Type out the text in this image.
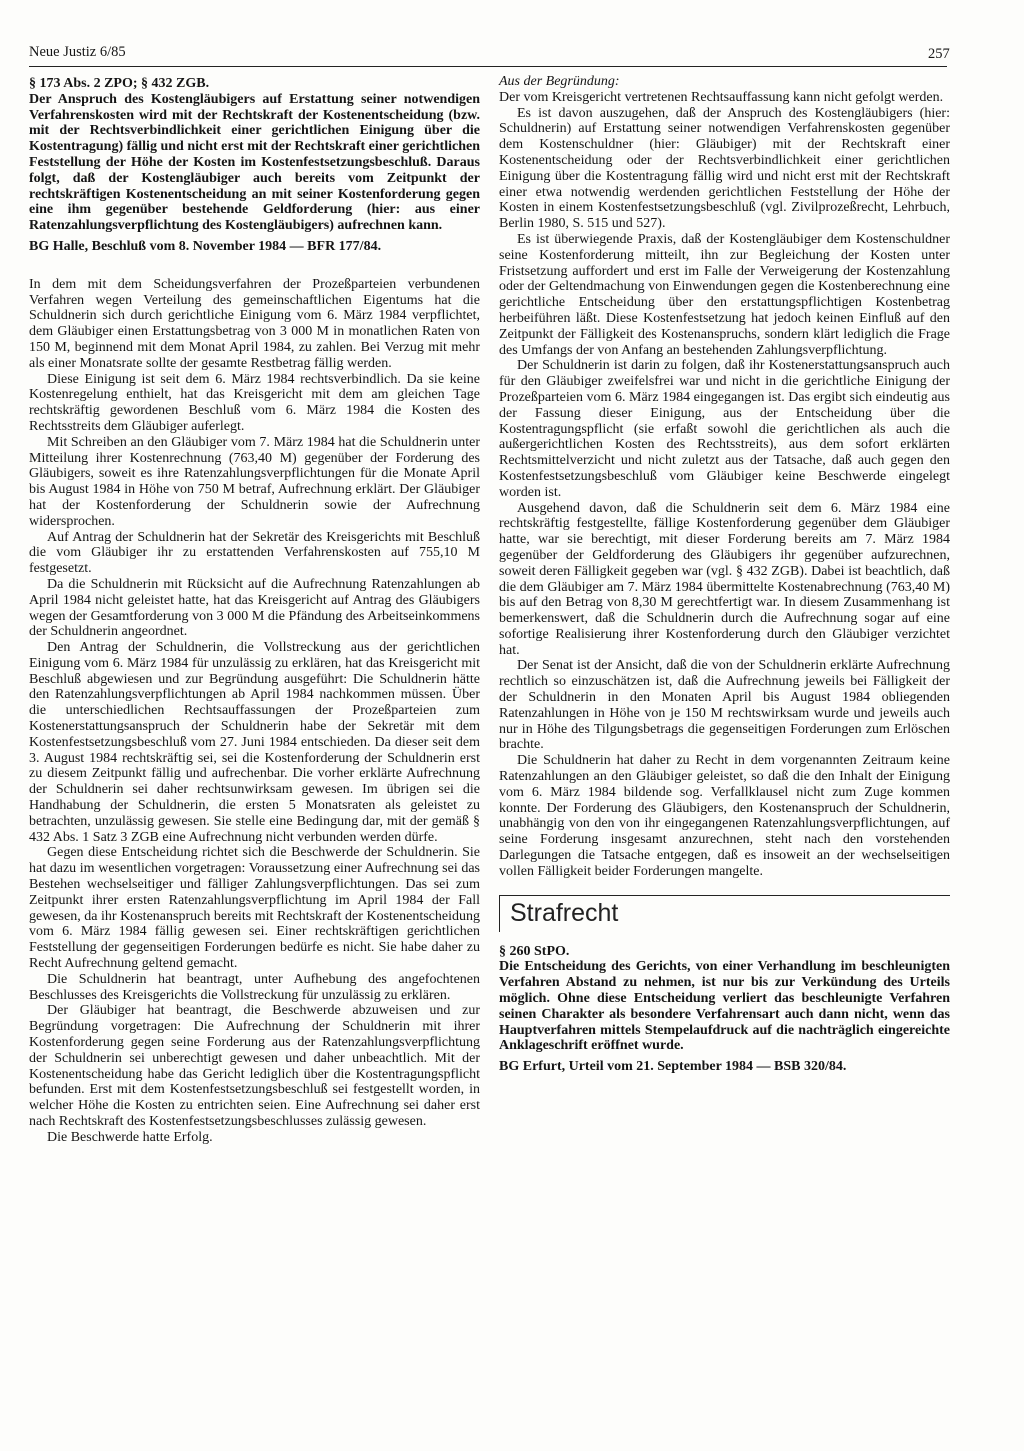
Neue Justiz 6/85	257

§ 173 Abs. 2 ZPO; § 432 ZGB.

Der Anspruch des Kostengläubigers auf Erstattung seiner notwendigen Verfahrenskosten wird mit der Rechtskraft der Kostenentscheidung (bzw. mit der Rechtsverbindlichkeit einer gerichtlichen Einigung über die Kostentragung) fällig und nicht erst mit der Rechtskraft einer gerichtlichen Feststellung der Höhe der Kosten im Kostenfestsetzungsbeschluß. Daraus folgt, daß der Kostengläubiger auch bereits vom Zeitpunkt der rechtskräftigen Kostenentscheidung an mit seiner Kostenforderung gegen eine ihm gegenüber bestehende Geldforderung (hier: aus einer Ratenzahlungsverpflichtung des Kostengläubigers) aufrechnen kann.

BG Halle, Beschluß vom 8. November 1984 — BFR 177/84.

In dem mit dem Scheidungsverfahren der Prozeßparteien verbundenen Verfahren wegen Verteilung des gemeinschaftlichen Eigentums hat die Schuldnerin sich durch gerichtliche Einigung vom 6. März 1984 verpflichtet, dem Gläubiger einen Erstattungsbetrag von 3 000 M in monatlichen Raten von 150 M, beginnend mit dem Monat April 1984, zu zahlen. Bei Verzug mit mehr als einer Monatsrate sollte der gesamte Restbetrag fällig werden.

Diese Einigung ist seit dem 6. März 1984 rechtsverbindlich. Da sie keine Kostenregelung enthielt, hat das Kreisgericht mit dem am gleichen Tage rechtskräftig gewordenen Beschluß vom 6. März 1984 die Kosten des Rechtsstreits dem Gläubiger auferlegt.

Mit Schreiben an den Gläubiger vom 7. März 1984 hat die Schuldnerin unter Mitteilung ihrer Kostenrechnung (763,40 M) gegenüber der Forderung des Gläubigers, soweit es ihre Ratenzahlungsverpflichtungen für die Monate April bis August 1984 in Höhe von 750 M betraf, Aufrechnung erklärt. Der Gläubiger hat der Kostenforderung der Schuldnerin sowie der Aufrechnung widersprochen.

Auf Antrag der Schuldnerin hat der Sekretär des Kreisgerichts mit Beschluß die vom Gläubiger ihr zu erstattenden Verfahrenskosten auf 755,10 M festgesetzt.

Da die Schuldnerin mit Rücksicht auf die Aufrechnung Ratenzahlungen ab April 1984 nicht geleistet hatte, hat das Kreisgericht auf Antrag des Gläubigers wegen der Gesamtforderung von 3 000 M die Pfändung des Arbeitseinkommens der Schuldnerin angeordnet.

Den Antrag der Schuldnerin, die Vollstreckung aus der gerichtlichen Einigung vom 6. März 1984 für unzulässig zu erklären, hat das Kreisgericht mit Beschluß abgewiesen und zur Begründung ausgeführt: Die Schuldnerin hätte den Ratenzahlungsverpflichtungen ab April 1984 nachkommen müssen. Über die unterschiedlichen Rechtsauffassungen der Prozeßparteien zum Kostenerstattungsanspruch der Schuldnerin habe der Sekretär mit dem Kostenfestsetzungsbeschluß vom 27. Juni 1984 entschieden. Da dieser seit dem 3. August 1984 rechtskräftig sei, sei die Kostenforderung der Schuldnerin erst zu diesem Zeitpunkt fällig und aufrechenbar. Die vorher erklärte Aufrechnung der Schuldnerin sei daher rechtsunwirksam gewesen. Im übrigen sei die Handhabung der Schuldnerin, die ersten 5 Monatsraten als geleistet zu betrachten, unzulässig gewesen. Sie stelle eine Bedingung dar, mit der gemäß § 432 Abs. 1 Satz 3 ZGB eine Aufrechnung nicht verbunden werden dürfe.

Gegen diese Entscheidung richtet sich die Beschwerde der Schuldnerin. Sie hat dazu im wesentlichen vorgetragen: Voraussetzung einer Aufrechnung sei das Bestehen wechselseitiger und fälliger Zahlungsverpflichtungen. Das sei zum Zeitpunkt ihrer ersten Ratenzahlungsverpflichtung im April 1984 der Fall gewesen, da ihr Kostenanspruch bereits mit Rechtskraft der Kostenentscheidung vom 6. März 1984 fällig gewesen sei. Einer rechtskräftigen gerichtlichen Feststellung der gegenseitigen Forderungen bedürfe es nicht. Sie habe daher zu Recht Aufrechnung geltend gemacht.

Die Schuldnerin hat beantragt, unter Aufhebung des angefochtenen Beschlusses des Kreisgerichts die Vollstreckung für unzulässig zu erklären.

Der Gläubiger hat beantragt, die Beschwerde abzuweisen und zur Begründung vorgetragen: Die Aufrechnung der Schuldnerin mit ihrer Kostenforderung gegen seine Forderung aus der Ratenzahlungsverpflichtung der Schuldnerin sei unberechtigt gewesen und daher unbeachtlich. Mit der Kostenentscheidung habe das Gericht lediglich über die Kostentragungspflicht befunden. Erst mit dem Kostenfestsetzungsbeschluß sei festgestellt worden, in welcher Höhe die Kosten zu entrichten seien. Eine Aufrechnung sei daher erst nach Rechtskraft des Kostenfestsetzungsbeschlusses zulässig gewesen.

Die Beschwerde hatte Erfolg.

Aus der Begründung:

Der vom Kreisgericht vertretenen Rechtsauffassung kann nicht gefolgt werden.

Es ist davon auszugehen, daß der Anspruch des Kostengläubigers (hier: Schuldnerin) auf Erstattung seiner notwendigen Verfahrenskosten gegenüber dem Kostenschuldner (hier: Gläubiger) mit der Rechtskraft einer Kostenentscheidung oder der Rechtsverbindlichkeit einer gerichtlichen Einigung über die Kostentragung fällig wird und nicht erst mit der Rechtskraft einer etwa notwendig werdenden gerichtlichen Feststellung der Höhe der Kosten in einem Kostenfestsetzungsbeschluß (vgl. Zivilprozeßrecht, Lehrbuch, Berlin 1980, S. 515 und 527).

Es ist überwiegende Praxis, daß der Kostengläubiger dem Kostenschuldner seine Kostenforderung mitteilt, ihn zur Begleichung der Kosten unter Fristsetzung auffordert und erst im Falle der Verweigerung der Kostenzahlung oder der Geltendmachung von Einwendungen gegen die Kostenberechnung eine gerichtliche Entscheidung über den erstattungspflichtigen Kostenbetrag herbeiführen läßt. Diese Kostenfestsetzung hat jedoch keinen Einfluß auf den Zeitpunkt der Fälligkeit des Kostenanspruchs, sondern klärt lediglich die Frage des Umfangs der von Anfang an bestehenden Zahlungsverpflichtung.

Der Schuldnerin ist darin zu folgen, daß ihr Kostenerstattungsanspruch auch für den Gläubiger zweifelsfrei war und nicht in die gerichtliche Einigung der Prozeßparteien vom 6. März 1984 eingegangen ist. Das ergibt sich eindeutig aus der Fassung dieser Einigung, aus der Entscheidung über die Kostentragungspflicht (sie erfaßt sowohl die gerichtlichen als auch die außergerichtlichen Kosten des Rechtsstreits), aus dem sofort erklärten Rechtsmittelverzicht und nicht zuletzt aus der Tatsache, daß auch gegen den Kostenfestsetzungsbeschluß vom Gläubiger keine Beschwerde eingelegt worden ist.

Ausgehend davon, daß die Schuldnerin seit dem 6. März 1984 eine rechtskräftig festgestellte, fällige Kostenforderung gegenüber dem Gläubiger hatte, war sie berechtigt, mit dieser Forderung bereits am 7. März 1984 gegenüber der Geldforderung des Gläubigers ihr gegenüber aufzurechnen, soweit deren Fälligkeit gegeben war (vgl. § 432 ZGB). Dabei ist beachtlich, daß die dem Gläubiger am 7. März 1984 übermittelte Kostenabrechnung (763,40 M) bis auf den Betrag von 8,30 M gerechtfertigt war. In diesem Zusammenhang ist bemerkenswert, daß die Schuldnerin durch die Aufrechnung sogar auf eine sofortige Realisierung ihrer Kostenforderung durch den Gläubiger verzichtet hat.

Der Senat ist der Ansicht, daß die von der Schuldnerin erklärte Aufrechnung rechtlich so einzuschätzen ist, daß die Aufrechnung jeweils bei Fälligkeit der der Schuldnerin in den Monaten April bis August 1984 obliegenden Ratenzahlungen in Höhe von je 150 M rechtswirksam wurde und jeweils auch nur in Höhe des Tilgungsbetrags die gegenseitigen Forderungen zum Erlöschen brachte.

Die Schuldnerin hat daher zu Recht in dem vorgenannten Zeitraum keine Ratenzahlungen an den Gläubiger geleistet, so daß die den Inhalt der Einigung vom 6. März 1984 bildende sog. Verfallklausel nicht zum Zuge kommen konnte. Der Forderung des Gläubigers, den Kostenanspruch der Schuldnerin, unabhängig von den von ihr eingegangenen Ratenzahlungsverpflichtungen, auf seine Forderung insgesamt anzurechnen, steht nach den vorstehenden Darlegungen die Tatsache entgegen, daß es insoweit an der wechselseitigen vollen Fälligkeit beider Forderungen mangelte.

Strafrecht

§ 260 StPO.

Die Entscheidung des Gerichts, von einer Verhandlung im beschleunigten Verfahren Abstand zu nehmen, ist nur bis zur Verkündung des Urteils möglich. Ohne diese Entscheidung verliert das beschleunigte Verfahren seinen Charakter als besondere Verfahrensart auch dann nicht, wenn das Hauptverfahren mittels Stempelaufdruck auf die nachträglich eingereichte Anklageschrift eröffnet wurde.

BG Erfurt, Urteil vom 21. September 1984 — BSB 320/84.
